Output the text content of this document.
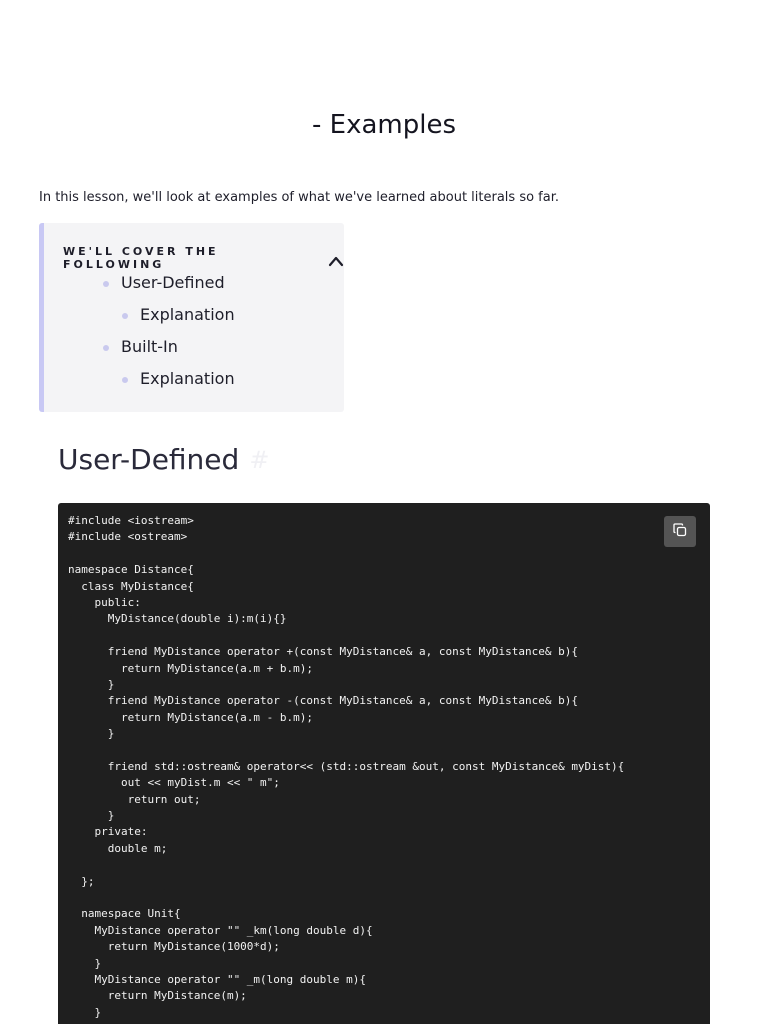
- Examples

In this lesson, we'll look at examples of what we've learned about literals so far.

WE'LL COVER THE FOLLOWING
User-Defined
Explanation
Built-In
Explanation
User-Defined #
#include <iostream>
#include <ostream>
namespace Distance{
class MyDistance{
public:
MyDistance(double i):m(i){}
friend MyDistance operator +(const MyDistance& a, const MyDistance& b){
return MyDistance(a.m + b.m);
}
friend MyDistance operator -(const MyDistance& a, const MyDistance& b){
return MyDistance(a.m - b.m);
}
friend std::ostream& operator<< (std::ostream &out, const MyDistance& myDist){
out << myDist.m << " m";
return out;
}
private:
double m;
};
namespace Unit{
MyDistance operator "" _km(long double d){
return MyDistance(1000*d);
}
MyDistance operator "" _m(long double m){
return MyDistance(m);
}
